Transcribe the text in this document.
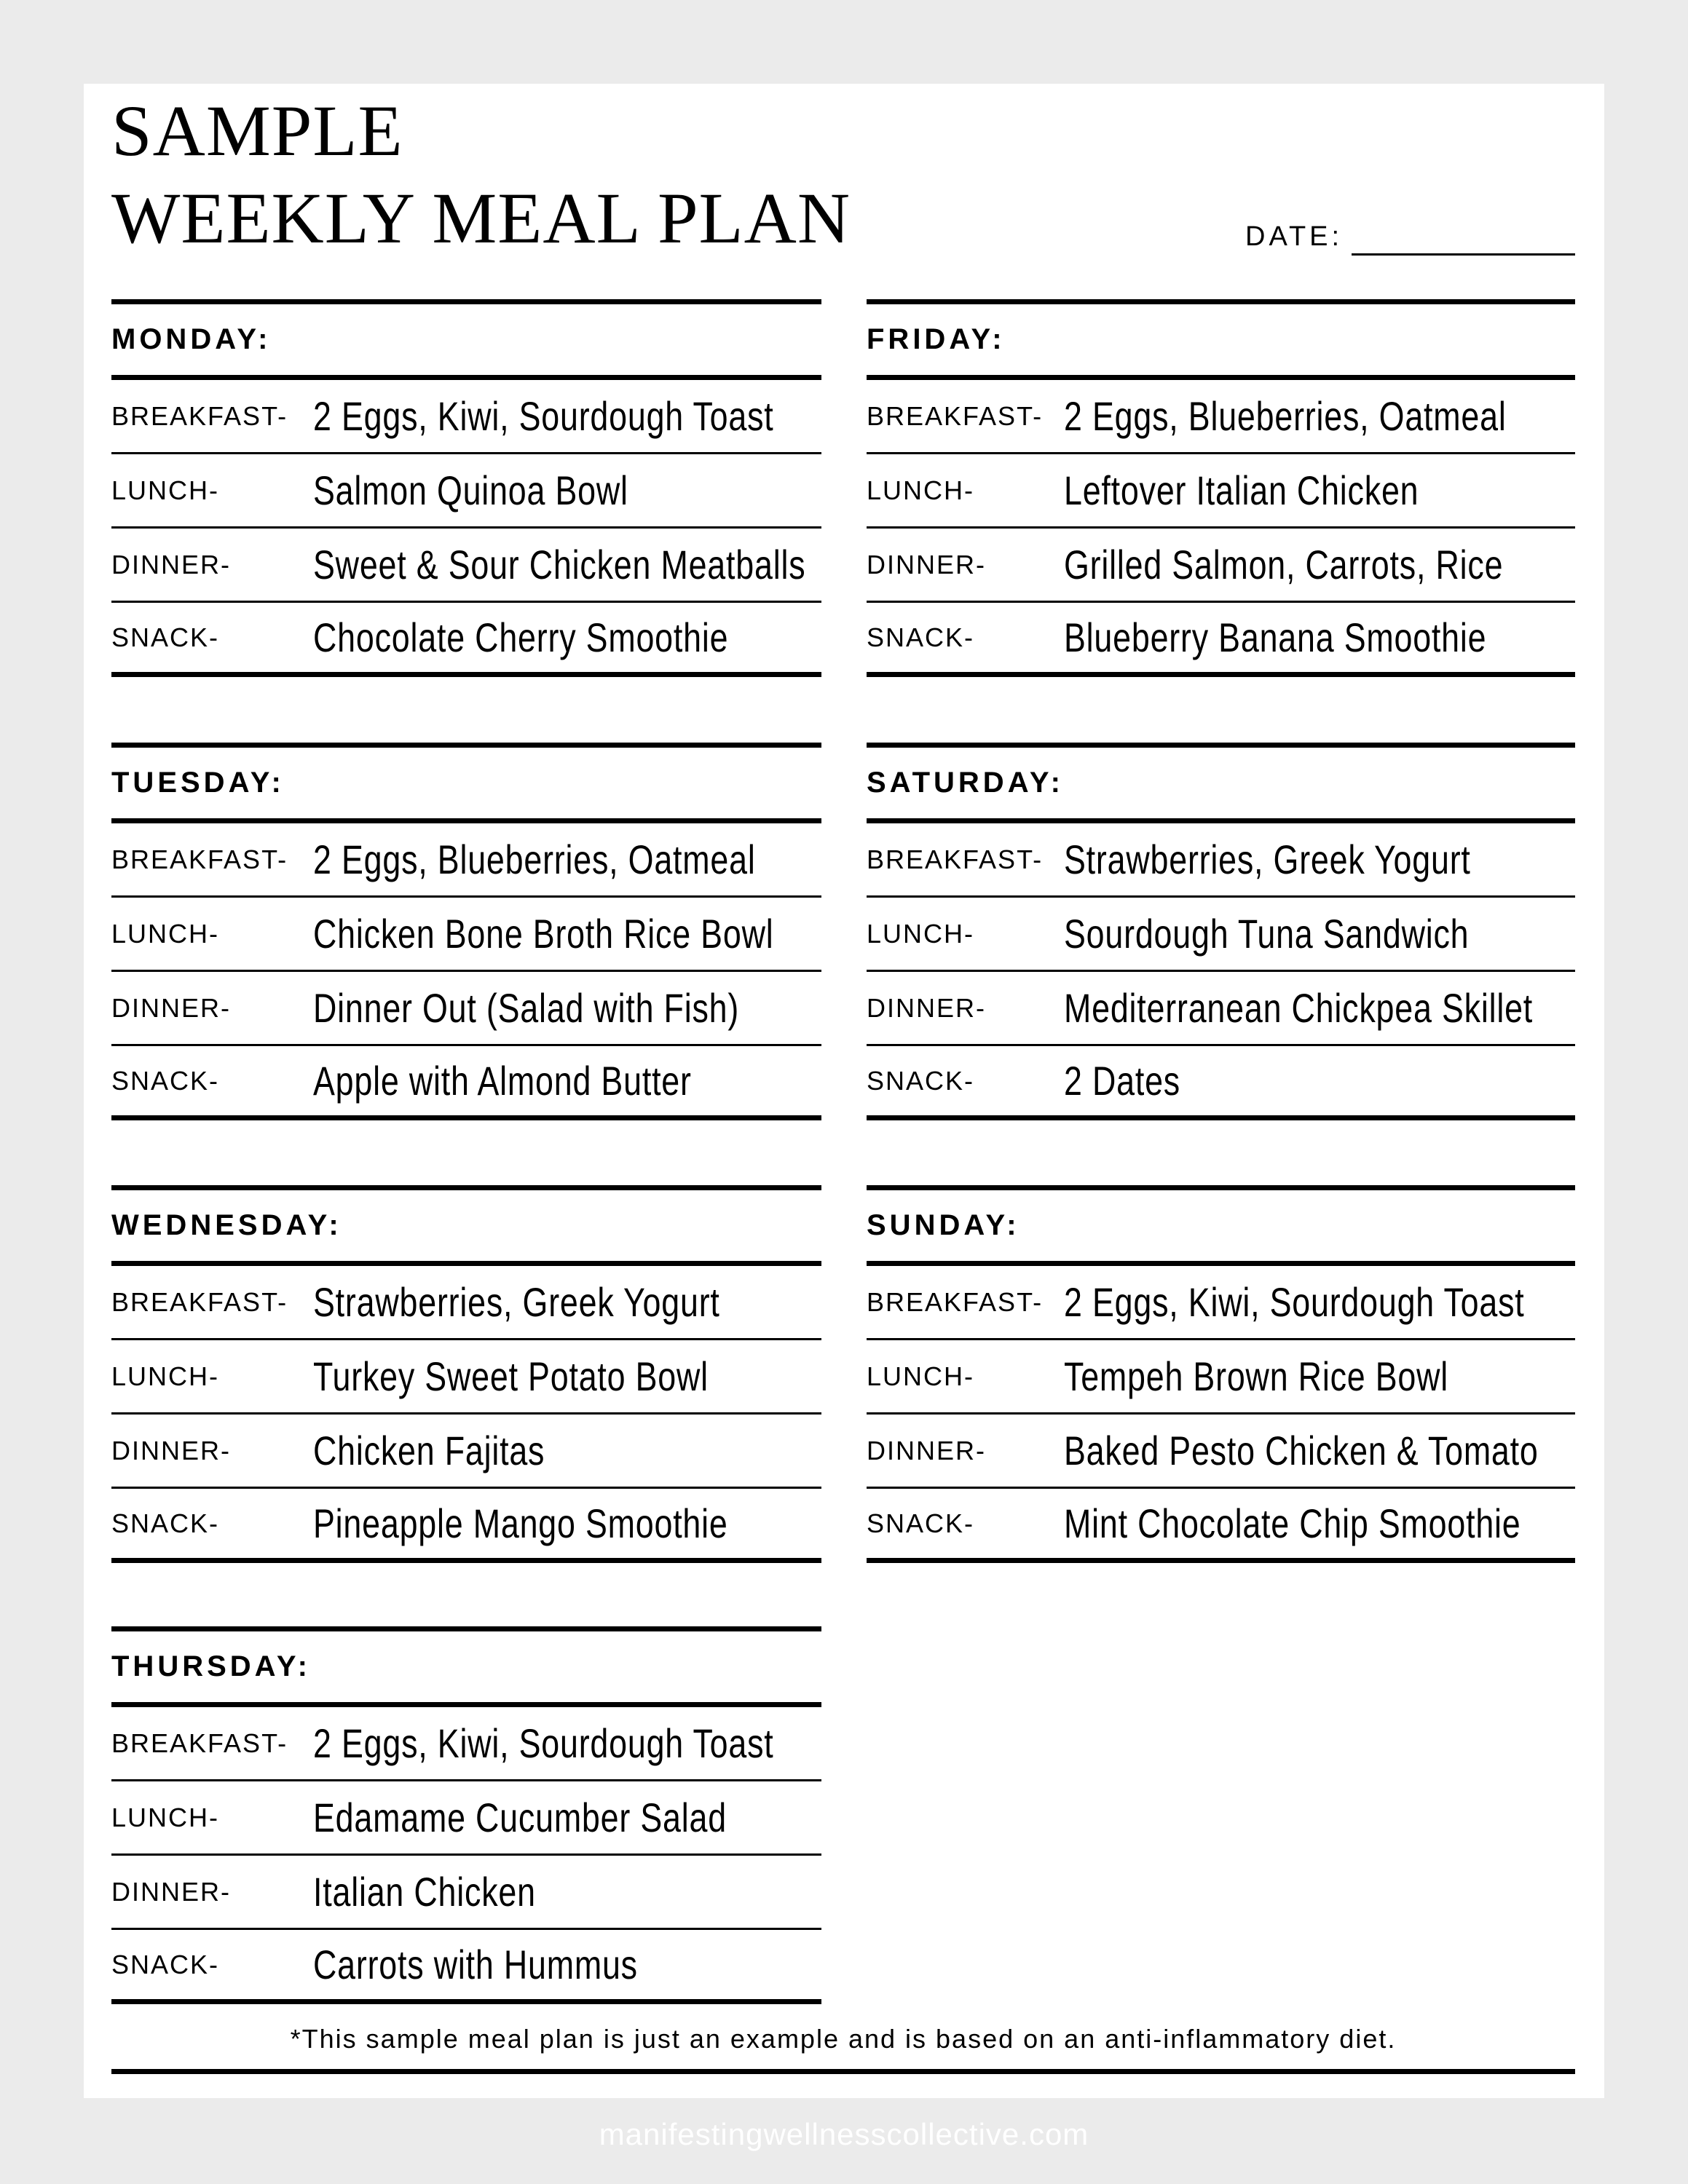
SAMPLE
WEEKLY MEAL PLAN	DATE:
MONDAY:
BREAKFAST- 2 Eggs, Kiwi, Sourdough Toast
LUNCH-	Salmon Quinoa Bowl
DINNER-	Sweet & Sour Chicken Meatballs
SNACK-	Chocolate Cherry Smoothie
TUESDAY:
BREAKFAST- 2 Eggs, Blueberries, Oatmeal
LUNCH-	Chicken Bone Broth Rice Bowl
DINNER-	Dinner Out (Salad with Fish)
SNACK-	Apple with Almond Butter
WEDNESDAY:
BREAKFAST- Strawberries, Greek Yogurt
LUNCH-	Turkey Sweet Potato Bowl
DINNER-	Chicken Fajitas
SNACK-	Pineapple Mango Smoothie
THURSDAY:
BREAKFAST- 2 Eggs, Kiwi, Sourdough Toast
LUNCH-	Edamame Cucumber Salad
DINNER-	Italian Chicken
SNACK-	Carrots with Hummus
FRIDAY:
BREAKFAST- 2 Eggs, Blueberries, Oatmeal
LUNCH-	Leftover Italian Chicken
DINNER-	Grilled Salmon, Carrots, Rice
SNACK-	Blueberry Banana Smoothie
SATURDAY:
BREAKFAST- Strawberries, Greek Yogurt
LUNCH-	Sourdough Tuna Sandwich
DINNER-	Mediterranean Chickpea Skillet
SNACK-	2 Dates
SUNDAY:
BREAKFAST- 2 Eggs, Kiwi, Sourdough Toast
LUNCH-	Tempeh Brown Rice Bowl
DINNER-	Baked Pesto Chicken & Tomato
SNACK-	Mint Chocolate Chip Smoothie
*This sample meal plan is just an example and is based on an anti-inflammatory diet.
manifestingwellnesscollective.com
